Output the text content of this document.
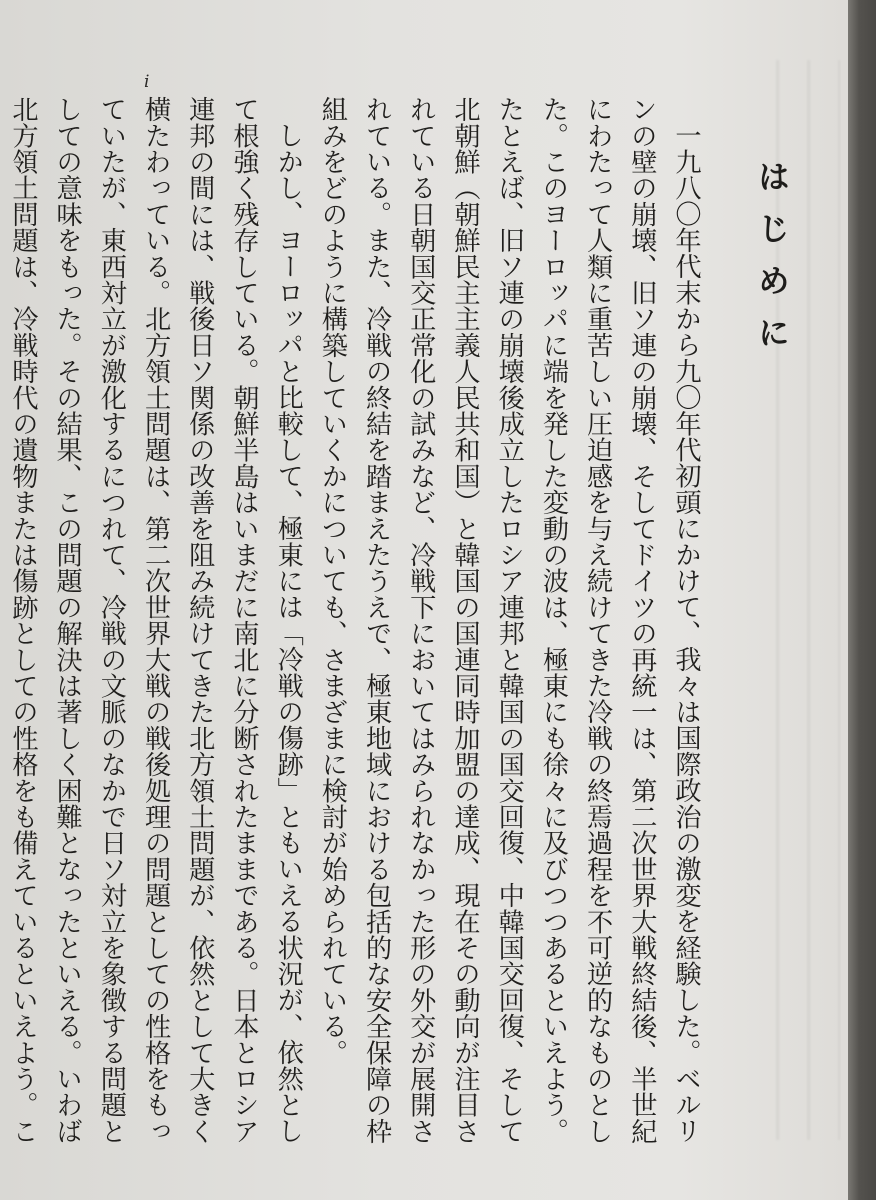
はじめに

一九八〇年代末から九〇年代初頭にかけて、我々は国際政治の激変を経験した。ベルリンの壁の崩壊、旧ソ連の崩壊、そしてドイツの再統一は、第二次世界大戦終結後、半世紀にわたって人類に重苦しい圧迫感を与え続けてきた冷戦の終焉過程を不可逆的なものとした。このヨーロッパに端を発した変動の波は、極東にも徐々に及びつつあるといえよう。たとえば、旧ソ連の崩壊後成立したロシア連邦と韓国の国交回復、中韓国交回復、そして北朝鮮（朝鮮民主主義人民共和国）と韓国の国連同時加盟の達成、現在その動向が注目されている日朝国交正常化の試みなど、冷戦下においてはみられなかった形の外交が展開されている。また、冷戦の終結を踏まえたうえで、極東地域における包括的な安全保障の枠組みをどのように構築していくかについても、さまざまに検討が始められている。

しかし、ヨーロッパと比較して、極東には「冷戦の傷跡」ともいえる状況が、依然として根強く残存している。朝鮮半島はいまだに南北に分断されたままである。日本とロシア連邦の間には、戦後日ソ関係の改善を阻み続けてきた北方領土問題が、依然として大きく横たわっている。北方領土問題は、第二次世界大戦の戦後処理の問題としての性格をもっていたが、東西対立が激化するにつれて、冷戦の文脈のなかで日ソ対立を象徴する問題としての意味をもった。その結果、この問題の解決は著しく困難となったといえる。いわば北方領土問題は、冷戦時代の遺物または傷跡としての性格をも備えているといえよう。こ

i
